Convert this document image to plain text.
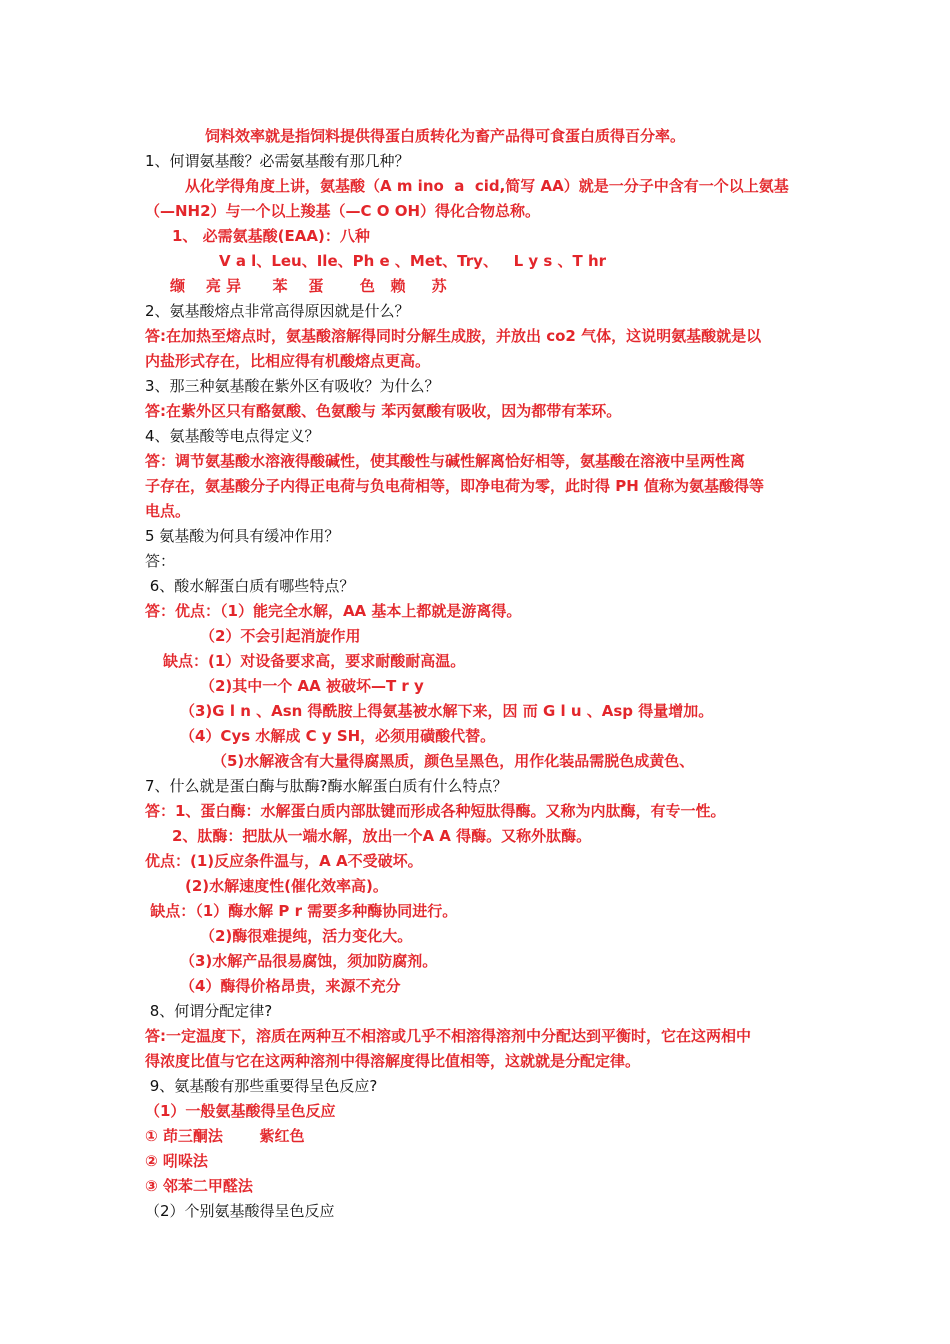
饲料效率就是指饲料提供得蛋白质转化为畜产品得可食蛋白质得百分率。
1、何谓氨基酸？必需氨基酸有那几种？
从化学得角度上讲，氨基酸（A m ino  a  cid,简写 AA）就是一分子中含有一个以上氨基
（—NH2）与一个以上羧基（—C O OH）得化合物总称。
1、 必需氨基酸(EAA)：八种
V a l、Leu、Ile、Ph e 、Met、Try、   L y s 、T hr
缬    亮 异      苯    蛋       色   赖     苏
2、氨基酸熔点非常高得原因就是什么？
答:在加热至熔点时，氨基酸溶解得同时分解生成胺，并放出 co2 气体，这说明氨基酸就是以
内盐形式存在，比相应得有机酸熔点更高。
3、那三种氨基酸在紫外区有吸收？为什么？
答:在紫外区只有酪氨酸、色氨酸与 苯丙氨酸有吸收，因为都带有苯环。
4、氨基酸等电点得定义？
答：调节氨基酸水溶液得酸碱性，使其酸性与碱性解离恰好相等，氨基酸在溶液中呈两性离
子存在，氨基酸分子内得正电荷与负电荷相等，即净电荷为零，此时得 PH 值称为氨基酸得等
电点。
5 氨基酸为何具有缓冲作用？
答：
6、酸水解蛋白质有哪些特点？
答：优点：（1）能完全水解，AA 基本上都就是游离得。
（2）不会引起消旋作用
缺点：(1）对设备要求高，要求耐酸耐高温。
（2)其中一个 AA 被破坏—T r y
（3)G l n 、Asn 得酰胺上得氨基被水解下来，因 而 G l u 、Asp 得量增加。
（4）Cys 水解成 C y SH，必须用磺酸代替。
（5)水解液含有大量得腐黑质，颜色呈黑色，用作化装品需脱色成黄色、
7、什么就是蛋白酶与肽酶?酶水解蛋白质有什么特点？
答：1、蛋白酶：水解蛋白质内部肽键而形成各种短肽得酶。又称为内肽酶，有专一性。
2、肽酶：把肽从一端水解，放出一个A A 得酶。又称外肽酶。
优点：(1)反应条件温与，A A不受破坏。
(2)水解速度性(催化效率高)。
缺点：（1）酶水解 P r 需要多种酶协同进行。
（2)酶很难提纯，活力变化大。
（3)水解产品很易腐蚀，须加防腐剂。
（4）酶得价格昂贵，来源不充分
8、何谓分配定律?
答:一定温度下，溶质在两种互不相溶或几乎不相溶得溶剂中分配达到平衡时，它在这两相中
得浓度比值与它在这两种溶剂中得溶解度得比值相等，这就就是分配定律。
9、氨基酸有那些重要得呈色反应?
（1）一般氨基酸得呈色反应
① 茚三酮法       紫红色
② 吲哚法
③ 邻苯二甲醛法
（2）个别氨基酸得呈色反应
